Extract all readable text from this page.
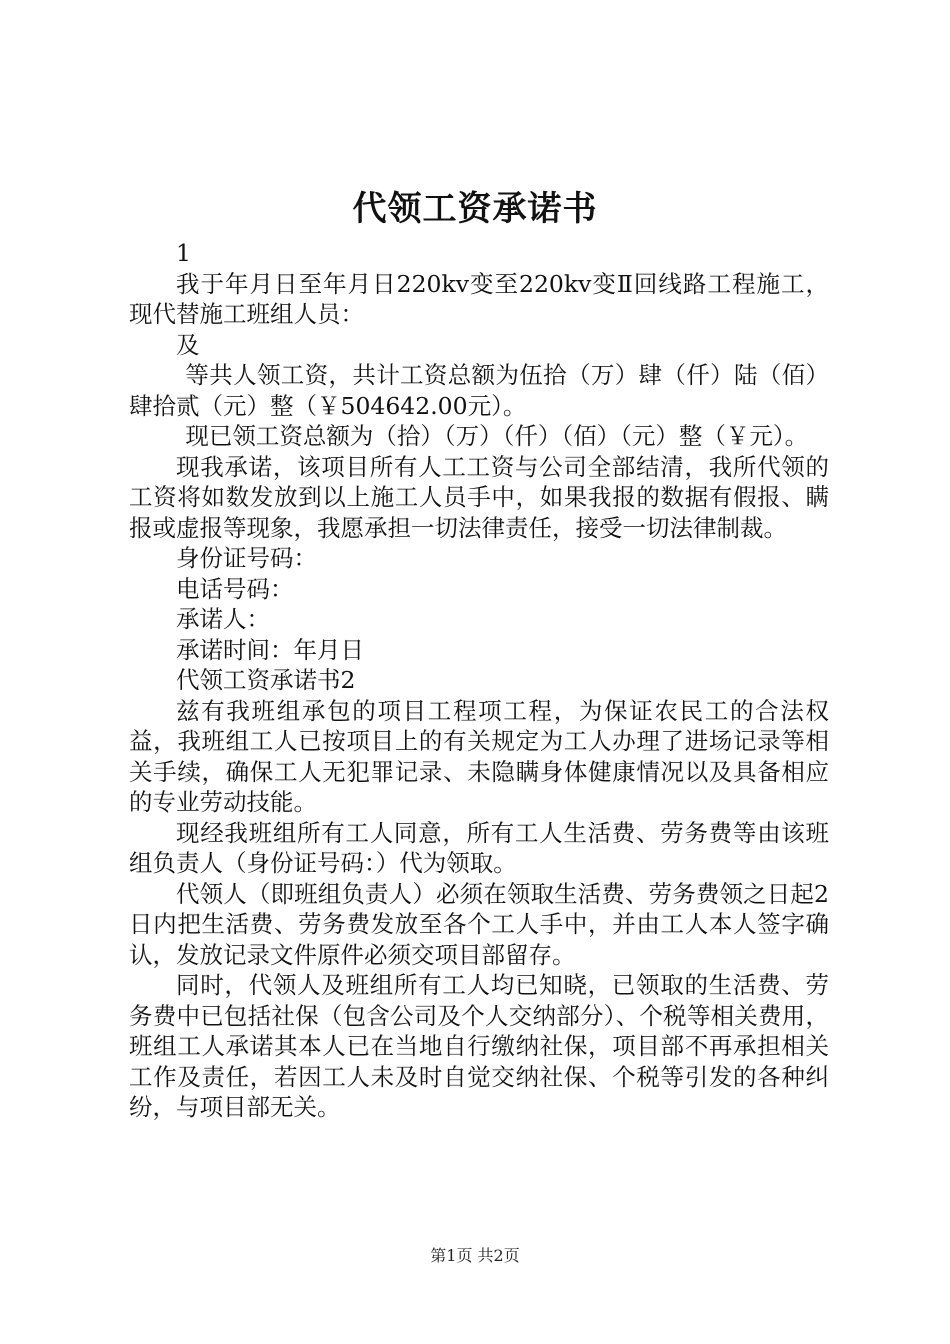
代领工资承诺书

1

我于年月日至年月日220kv变至220kv变Ⅱ回线路工程施工，现代替施工班组人员：

及

等共人领工资，共计工资总额为伍拾（万）肆（仟）陆（佰）肆拾贰（元）整（￥504642.00元）。

现已领工资总额为（拾）（万）（仟）（佰）（元）整（￥元）。

现我承诺，该项目所有人工工资与公司全部结清，我所代领的工资将如数发放到以上施工人员手中，如果我报的数据有假报、瞒报或虚报等现象，我愿承担一切法律责任，接受一切法律制裁。

身份证号码：

电话号码：

承诺人：

承诺时间：年月日

代领工资承诺书2

兹有我班组承包的项目工程项工程，为保证农民工的合法权益，我班组工人已按项目上的有关规定为工人办理了进场记录等相关手续，确保工人无犯罪记录、未隐瞒身体健康情况以及具备相应的专业劳动技能。

现经我班组所有工人同意，所有工人生活费、劳务费等由该班组负责人（身份证号码：）代为领取。

代领人（即班组负责人）必须在领取生活费、劳务费领之日起2日内把生活费、劳务费发放至各个工人手中，并由工人本人签字确认，发放记录文件原件必须交项目部留存。

同时，代领人及班组所有工人均已知晓，已领取的生活费、劳务费中已包括社保（包含公司及个人交纳部分）、个税等相关费用，班组工人承诺其本人已在当地自行缴纳社保，项目部不再承担相关工作及责任，若因工人未及时自觉交纳社保、个税等引发的各种纠纷，与项目部无关。

第1页 共2页
